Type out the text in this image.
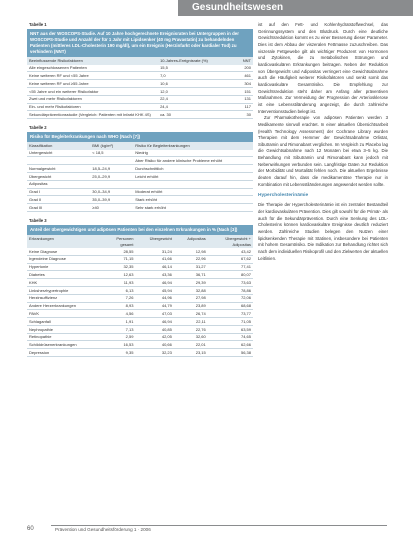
Gesundheitswesen
Tabelle 1
NNT aus der WOSCOPS-Studie. Auf 10 Jahre hochgerechnete Ereignisraten bei Untergruppen in der WOSCOPS-Studie und Anzahl der für 1 Jahr mit Lipidsenker (40 mg Pravastatin) zu behandelnden Patienten (mittleres LDL-Cholesterin 190 mg/dl), um ein Ereignis (Herzinfarkt oder kardialer Tod) zu verhindern (NNT)
Beeinflussende Risikofaktoren	10-Jahres-Ereignisrate (%)	NNT
Alle eingeschlossenen Patienten	15,5	200
Keine weiteren RF und <55 Jahre	7,0	461
Keine weiteren RF und ≥55 Jahre	10,6	304
<55 Jahre und ein weiterer Risikofaktor	12,0	151
Zwei und mehr Risikofaktoren	22,4	131
Ein- und mehr Risikofaktoren	24,4	117
Sekundärpräventionsstudie (Vergleich: Patienten mit Infarkt KHK 4S)	ca. 30	30
Tabelle 2
Risiko für Begleiterkrankungen nach WHO (Nach [7])
Klassifikation	BMI (kg/m²)	Risiko für Begleiterkrankungen
Untergewicht	< 18,5	Niedrig
		Aber Risiko für andere klinische Probleme erhöht
Normalgewicht	18,5–24,9	Durchschnittlich
Übergewicht	25,0–29,9	Leicht erhöht
Adipositas		
Grad I	30,0–34,9	Moderat erhöht
Grad II	35,0–39,9	Stark erhöht
Grad III	≥40	Sehr stark erhöht
Tabelle 3
Anteil der übergewichtigen und adipösen Patienten bei den einzelnen Erkrankungen in % (Nach [3])
Erkrankungen	Personen gesamt	Übergewicht	Adipositas	Übergewicht + Adipositas
Keine Diagnose	28,55	31,24	12,98	43,42
Irgendeine Diagnose	71,15	41,66	22,96	67,62
Hypertonie	32,35	46,14	31,27	77,41
Diabetes	12,63	43,36	36,71	80,07
KHK	11,93	46,94	29,39	73,63
Linksherzhypertrophie	6,13	45,94	32,88	78,86
Herzinsuffizienz	7,26	44,96	27,98	72,06
Andere Herzerkrankungen	8,93	44,79	23,89	68,68
PAVK	4,56	47,03	26,74	73,77
Schlaganfall	1,91	46,94	22,11	71,05
Nephropathie	7,13	40,85	22,76	63,59
Retinopathie	2,59	42,05	32,60	74,65
Schilddrüsenerkrankungen	16,53	40,66	22,01	62,66
Depression	9,35	32,23	23,15	56,38

ist auf den Fett- und Kohlenhydratstoffwechsel, das Gerinnungssystem und den Blutdruck. Durch eine deutliche Gewichtsreduktion kommt es zu einer Besserung dieser Parameter. Dies ist dem Abbau der viszeralen Fettmasse zuzuschreiben. Das viszerale Fettgewebe gilt als wichtiger Produzent von Hormonen und Zytokinen, die zu metabolischen Störungen und kardiovaskulären Erkrankungen beitragen. Neben der Reduktion von Übergewicht und Adipositas verringert eine Gewichtsabnahme auch die Häufigkeit weiterer Risikofaktoren und senkt somit das kardiovaskuläre Gesamtrisiko. Die Empfehlung zur Gewichtsreduktion steht daher am Anfang aller präventiven Maßnahmen. Zur Vermeidung der Progression der Arteriosklerose ist eine Lebensstiländerung angezeigt, die durch zahlreiche Interventionsstudien belegt ist.

Zur Pharmakotherapie von adipösen Patienten werden 3 Medikamente sinnvoll erachtet. In einer aktuellen Übersichtsarbeit (Health Technology Assessment) der Cochrane Library wurden Therapien mit dem Hemmer der Gewichtsabnahme Orlistat, Sibutramin und Rimonabant verglichen. Im Vergleich zu Placebo lag die Gewichtsabnahme nach 12 Monaten bei etwa 3–5 kg. Die Behandlung mit Sibutramin und Rimonabant kann jedoch mit Nebenwirkungen verbunden sein. Langfristige Daten zur Reduktion der Morbidität und Mortalität fehlen noch. Die aktuellen Ergebnisse deuten darauf hin, dass die medikamentöse Therapie nur in Kombination mit Lebensstiländerungen angewendet werden sollte.

Hypercholesterinämie

Die Therapie der Hypercholesterinämie ist ein zentraler Bestandteil der kardiovaskulären Prävention. Dies gilt sowohl für die Primär- als auch für die Sekundärprävention. Durch eine Senkung des LDL-Cholesterins können kardiovaskuläre Ereignisse deutlich reduziert werden. Zahlreiche Studien belegen den Nutzen einer lipidsenkenden Therapie mit Statinen, insbesondere bei Patienten mit hohem Gesamtrisiko. Die Indikation zur Behandlung richtet sich nach dem individuellen Risikoprofil und den Zielwerten der aktuellen Leitlinien.

60	Prävention und Gesundheitsförderung 1 · 2006
